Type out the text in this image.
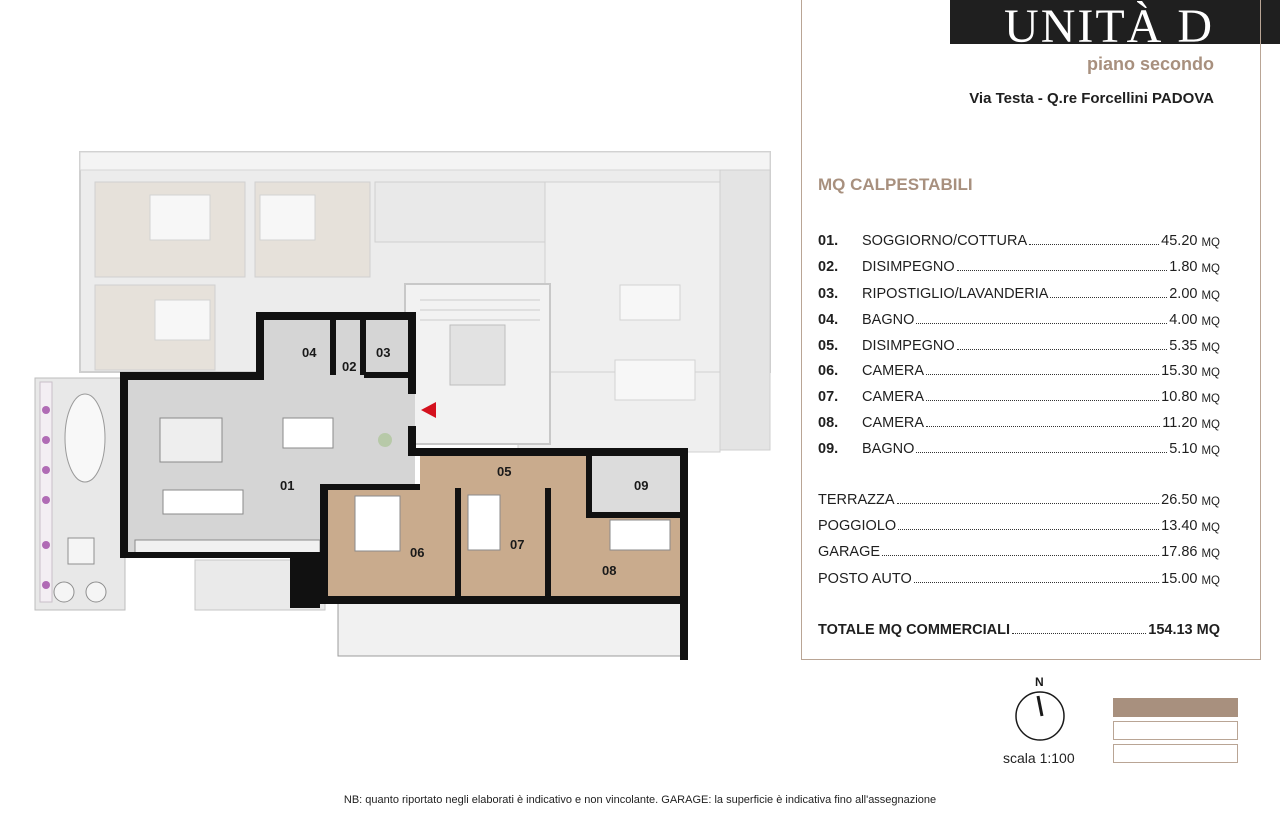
UNITÀ D
piano secondo
Via Testa - Q.re Forcellini PADOVA
MQ CALPESTABILI
01.	SOGGIORNO/COTTURA	45.20 MQ
02.	DISIMPEGNO	1.80 MQ
03.	RIPOSTIGLIO/LAVANDERIA	2.00 MQ
04.	BAGNO	4.00 MQ
05.	DISIMPEGNO	5.35 MQ
06.	CAMERA	15.30 MQ
07.	CAMERA	10.80 MQ
08.	CAMERA	11.20 MQ
09.	BAGNO	5.10 MQ
TERRAZZA	26.50 MQ
POGGIOLO	13.40 MQ
GARAGE	17.86 MQ
POSTO AUTO	15.00 MQ
TOTALE MQ COMMERCIALI	154.13 MQ
01
02
03
04
05
06
07
08
09
N
scala 1:100
NB: quanto riportato negli elaborati è indicativo e non vincolante. GARAGE: la superficie è indicativa fino all'assegnazione
